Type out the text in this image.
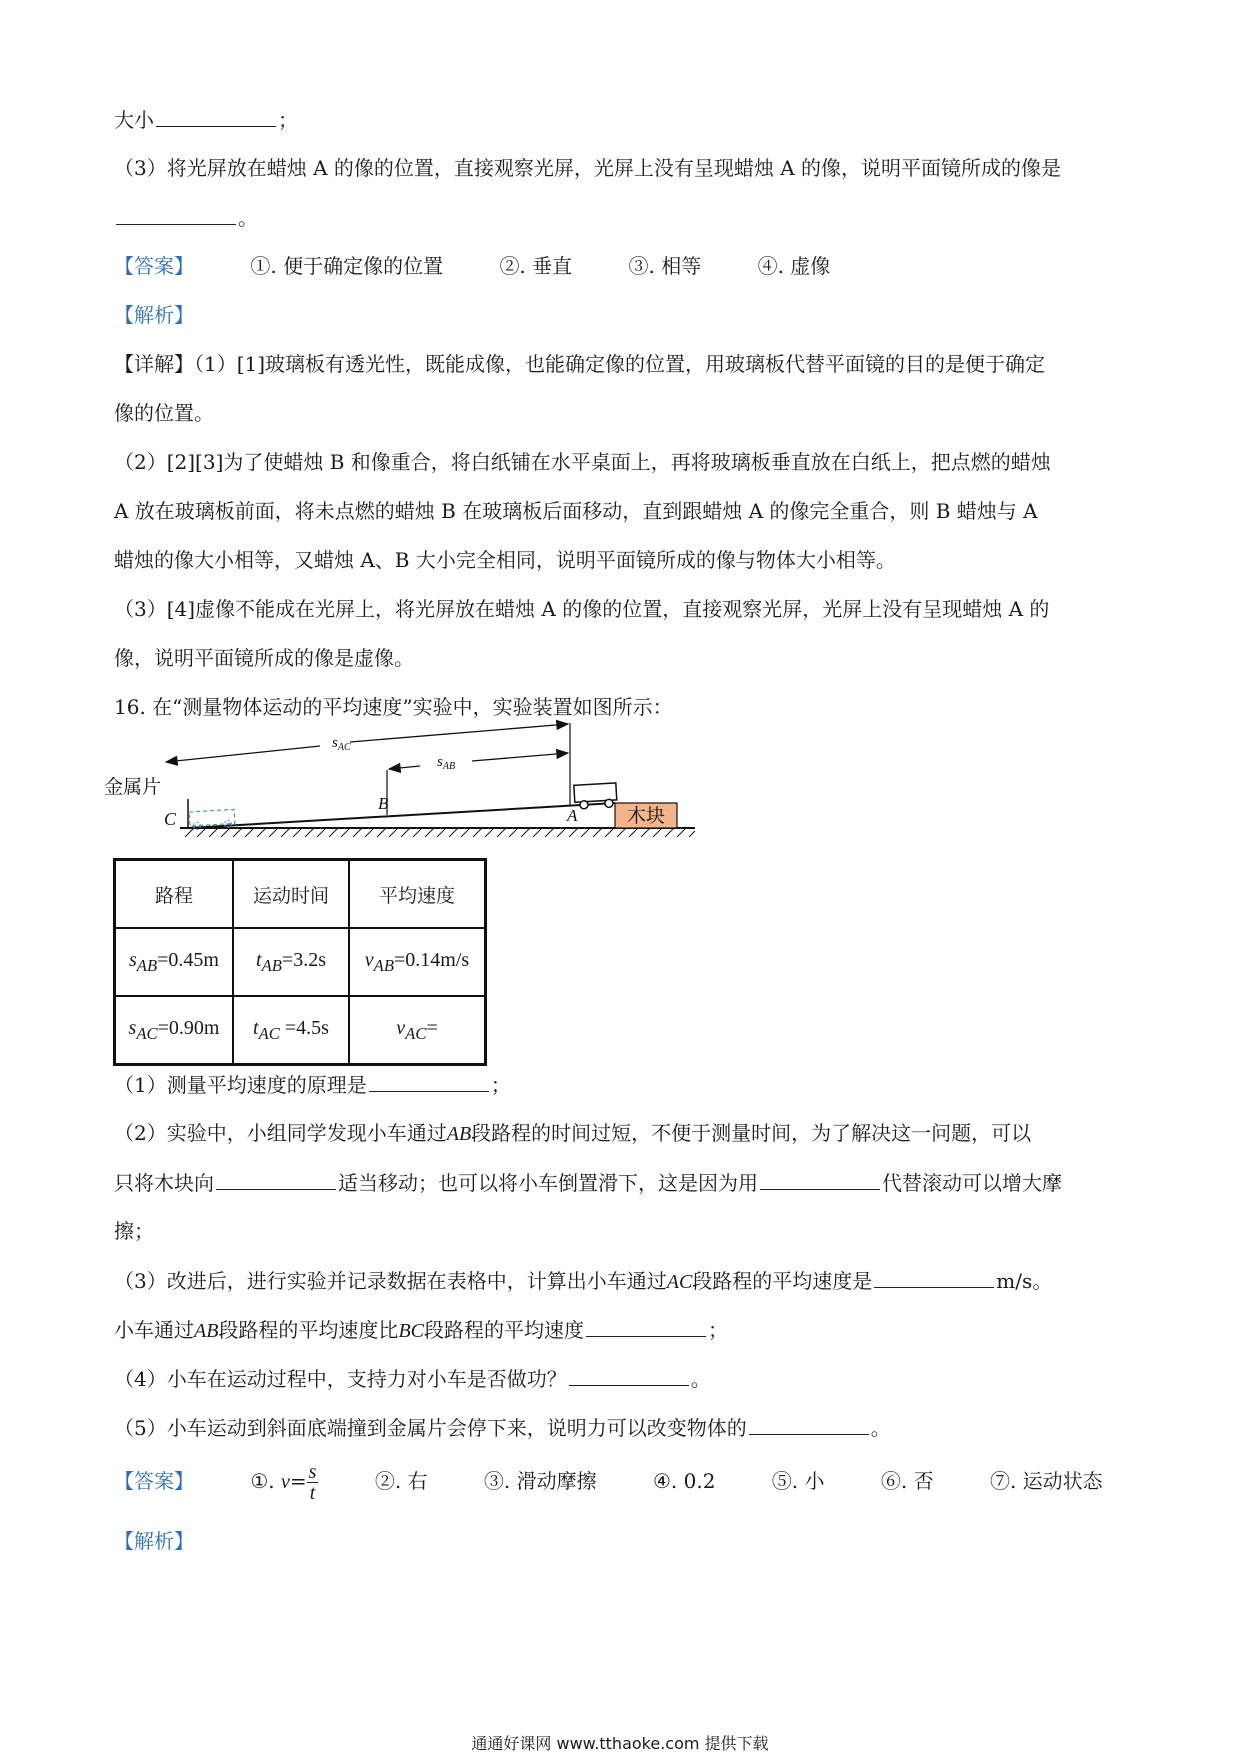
大小	；
（3）将光屏放在蜡烛 A 的像的位置，直接观察光屏，光屏上没有呈现蜡烛 A 的像，说明平面镜所成的像是
。
【答案】	①. 便于确定像的位置	②. 垂直	③. 相等	④. 虚像
【解析】
【详解】（1）[1]玻璃板有透光性，既能成像，也能确定像的位置，用玻璃板代替平面镜的目的是便于确定
像的位置。
（2）[2][3]为了使蜡烛 B 和像重合，将白纸铺在水平桌面上，再将玻璃板垂直放在白纸上，把点燃的蜡烛
A 放在玻璃板前面，将未点燃的蜡烛 B 在玻璃板后面移动，直到跟蜡烛 A 的像完全重合，则 B 蜡烛与 A
蜡烛的像大小相等，又蜡烛 A、B 大小完全相同，说明平面镜所成的像与物体大小相等。
（3）[4]虚像不能成在光屏上，将光屏放在蜡烛 A 的像的位置，直接观察光屏，光屏上没有呈现蜡烛 A 的
像，说明平面镜所成的像是虚像。
16. 在“测量物体运动的平均速度”实验中，实验装置如图所示：
木块
$s_{AC}$
$s_{AB}$
金属片
C
B
A
路程	运动时间	平均速度
$s_{AB}=0.45m$	$t_{AB}=3.2s$	$v_{AB}=0.14m/s$
$s_{AC}=0.90m$	$t_{AC} =4.5s$	$v_{AC}=$
（1）测量平均速度的原理是	；
（2）实验中，小组同学发现小车通过AB段路程的时间过短，不便于测量时间，为了解决这一问题，可以
只将木块向	适当移动；也可以将小车倒置滑下，这是因为用	代替滚动可以增大摩
擦；
（3）改进后，进行实验并记录数据在表格中，计算出小车通过AC段路程的平均速度是	m/s。
小车通过AB段路程的平均速度比BC段路程的平均速度	；
（4）小车在运动过程中，支持力对小车是否做功？	。
（5）小车运动到斜面底端撞到金属片会停下来，说明力可以改变物体的	。
【答案】	①. $v= \frac{s}{t}$	②. 右	③. 滑动摩擦	④. 0.2	⑤. 小	⑥. 否	⑦. 运动状态
【解析】
通通好课网 www.tthaoke.com 提供下载
